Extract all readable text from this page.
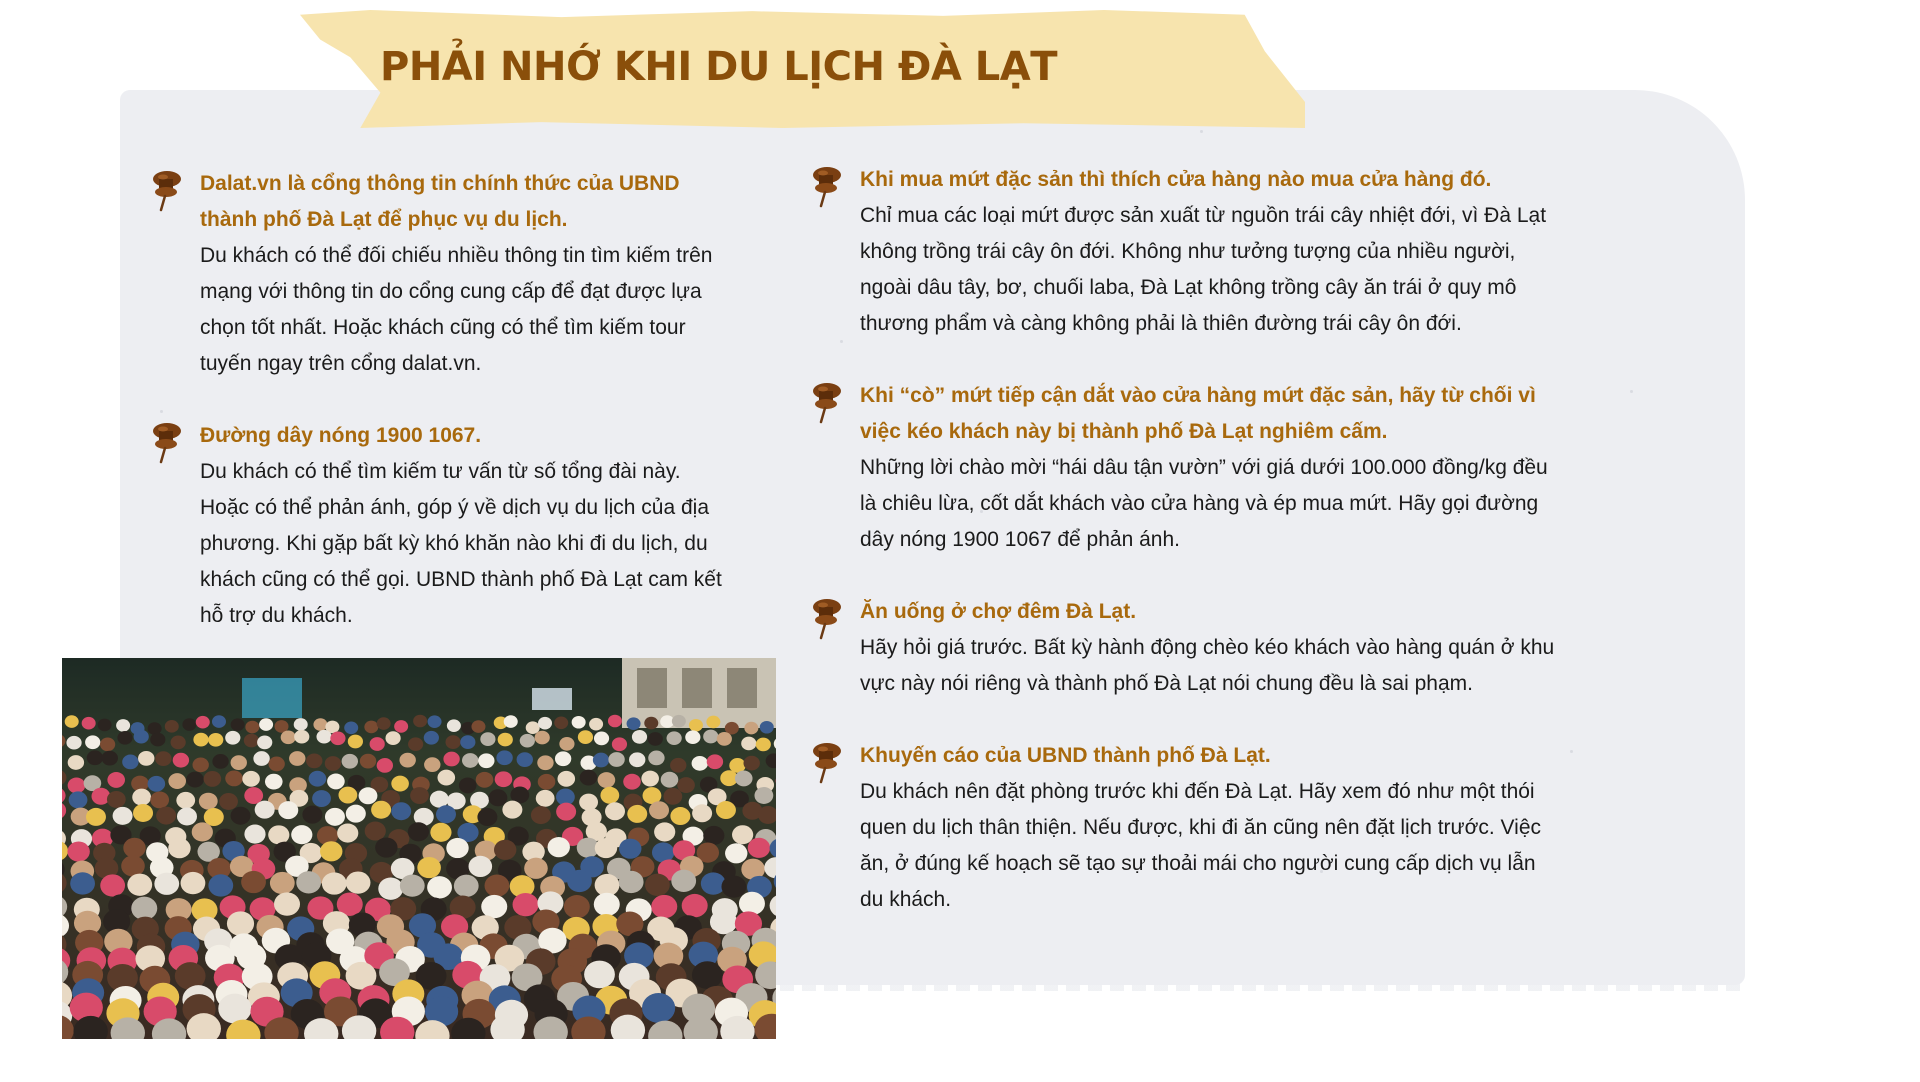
PHẢI NHỚ KHI DU LỊCH ĐÀ LẠT

Dalat.vn là cổng thông tin chính thức của UBND thành phố Đà Lạt để phục vụ du lịch.

Du khách có thể đối chiếu nhiều thông tin tìm kiếm trên mạng với thông tin do cổng cung cấp để đạt được lựa chọn tốt nhất. Hoặc khách cũng có thể tìm kiếm tour tuyến ngay trên cổng dalat.vn.

Đường dây nóng 1900 1067.

Du khách có thể tìm kiếm tư vấn từ số tổng đài này. Hoặc có thể phản ánh, góp ý về dịch vụ du lịch của địa phương. Khi gặp bất kỳ khó khăn nào khi đi du lịch, du khách cũng có thể gọi. UBND thành phố Đà Lạt cam kết hỗ trợ du khách.

Khi mua mứt đặc sản thì thích cửa hàng nào mua cửa hàng đó.

Chỉ mua các loại mứt được sản xuất từ nguồn trái cây nhiệt đới, vì Đà Lạt không trồng trái cây ôn đới. Không như tưởng tượng của nhiều người, ngoài dâu tây, bơ, chuối laba, Đà Lạt không trồng cây ăn trái ở quy mô thương phẩm và càng không phải là thiên đường trái cây ôn đới.

Khi “cò” mứt tiếp cận dắt vào cửa hàng mứt đặc sản, hãy từ chối vì việc kéo khách này bị thành phố Đà Lạt nghiêm cấm.

Những lời chào mời “hái dâu tận vườn” với giá dưới 100.000 đồng/kg đều là chiêu lừa, cốt dắt khách vào cửa hàng và ép mua mứt. Hãy gọi đường dây nóng 1900 1067 để phản ánh.

Ăn uống ở chợ đêm Đà Lạt.

Hãy hỏi giá trước. Bất kỳ hành động chèo kéo khách vào hàng quán ở khu vực này nói riêng và thành phố Đà Lạt nói chung đều là sai phạm.

Khuyến cáo của UBND thành phố Đà Lạt.

Du khách nên đặt phòng trước khi đến Đà Lạt. Hãy xem đó như một thói quen du lịch thân thiện. Nếu được, khi đi ăn cũng nên đặt lịch trước. Việc ăn, ở đúng kế hoạch sẽ tạo sự thoải mái cho người cung cấp dịch vụ lẫn du khách.
